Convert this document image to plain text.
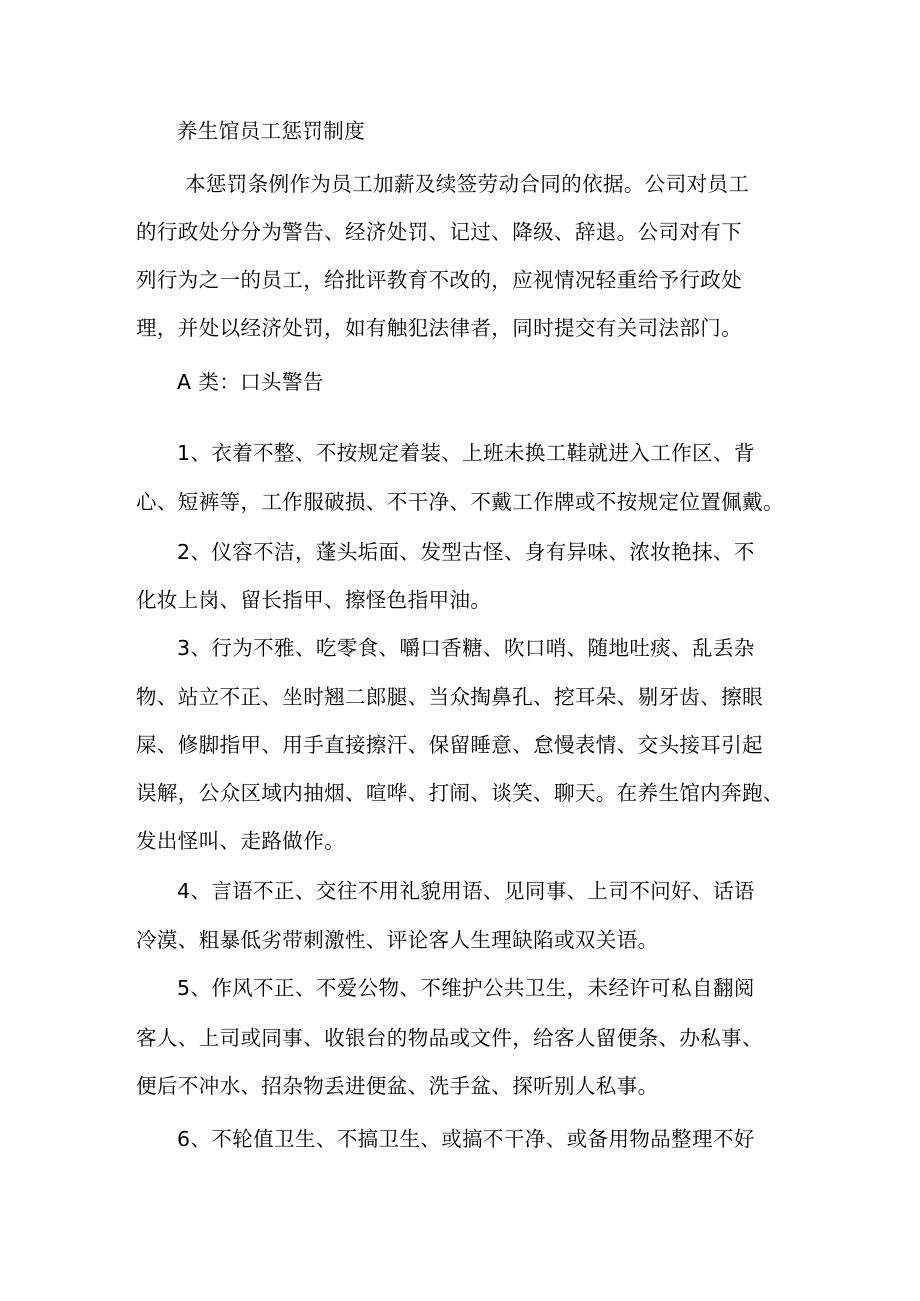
养生馆员工惩罚制度
本惩罚条例作为员工加薪及续签劳动合同的依据。公司对员工
的行政处分分为警告、经济处罚、记过、降级、辞退。公司对有下
列行为之一的员工，给批评教育不改的，应视情况轻重给予行政处
理，并处以经济处罚，如有触犯法律者，同时提交有关司法部门。
A 类：口头警告
1、衣着不整、不按规定着装、上班未换工鞋就进入工作区、背
心、短裤等，工作服破损、不干净、不戴工作牌或不按规定位置佩戴。
2、仪容不洁，蓬头垢面、发型古怪、身有异味、浓妆艳抹、不
化妆上岗、留长指甲、擦怪色指甲油。
3、行为不雅、吃零食、嚼口香糖、吹口哨、随地吐痰、乱丢杂
物、站立不正、坐时翘二郎腿、当众掏鼻孔、挖耳朵、剔牙齿、擦眼
屎、修脚指甲、用手直接擦汗、保留睡意、怠慢表情、交头接耳引起
误解，公众区域内抽烟、喧哗、打闹、谈笑、聊天。在养生馆内奔跑、
发出怪叫、走路做作。
4、言语不正、交往不用礼貌用语、见同事、上司不问好、话语
冷漠、粗暴低劣带刺激性、评论客人生理缺陷或双关语。
5、作风不正、不爱公物、不维护公共卫生，未经许可私自翻阅
客人、上司或同事、收银台的物品或文件，给客人留便条、办私事、
便后不冲水、招杂物丢进便盆、洗手盆、探听别人私事。
6、不轮值卫生、不搞卫生、或搞不干净、或备用物品整理不好
